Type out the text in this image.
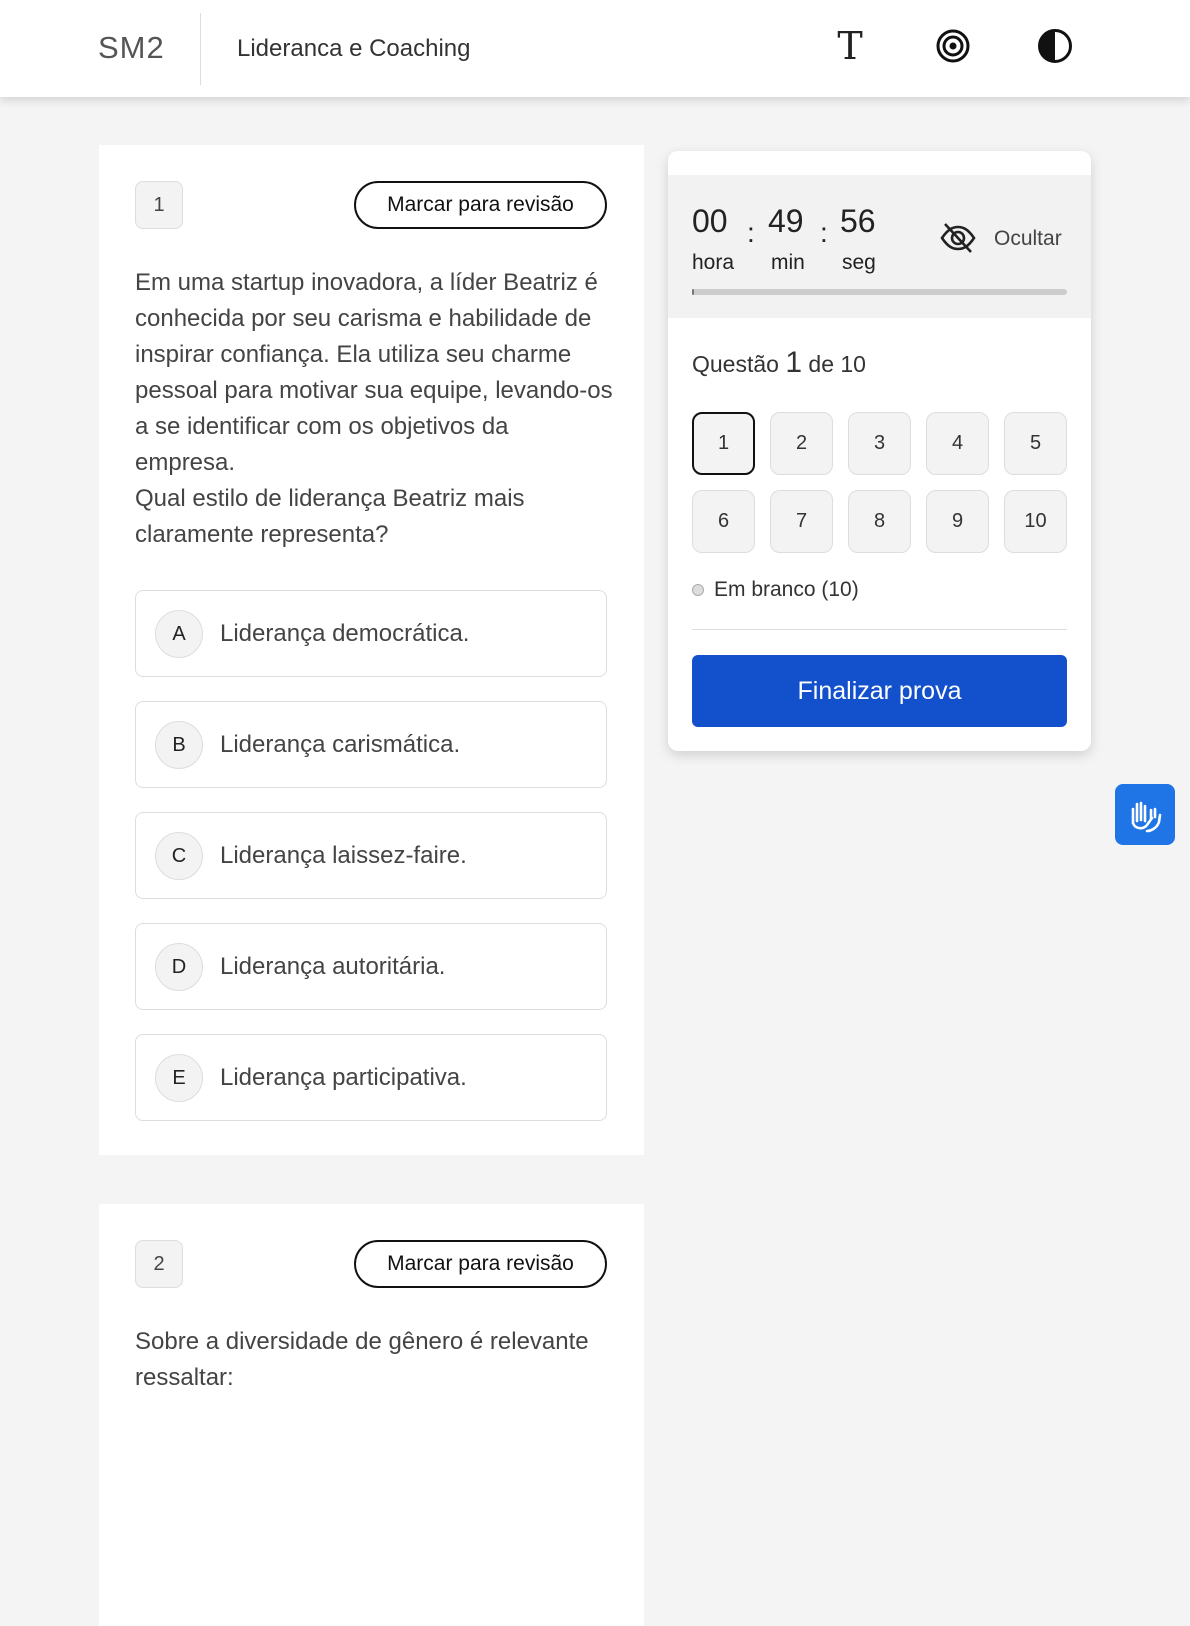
SM2	Lideranca e Coaching	T
1	Marcar para revisão

Em uma startup inovadora, a líder Beatriz é conhecida por seu carisma e habilidade de inspirar confiança. Ela utiliza seu charme pessoal para motivar sua equipe, levando-os a se identificar com os objetivos da empresa.

Qual estilo de liderança Beatriz mais claramente representa?

A	Liderança democrática.
B	Liderança carismática.
C	Liderança laissez-faire.
D	Liderança autoritária.
E	Liderança participativa.
2	Marcar para revisão

Sobre a diversidade de gênero é relevante ressaltar:

00 : 49 : 56
hora min seg
Ocultar
Questão 1 de 10
1	2	3	4	5
6	7	8	9	10
Em branco (10)
Finalizar prova
